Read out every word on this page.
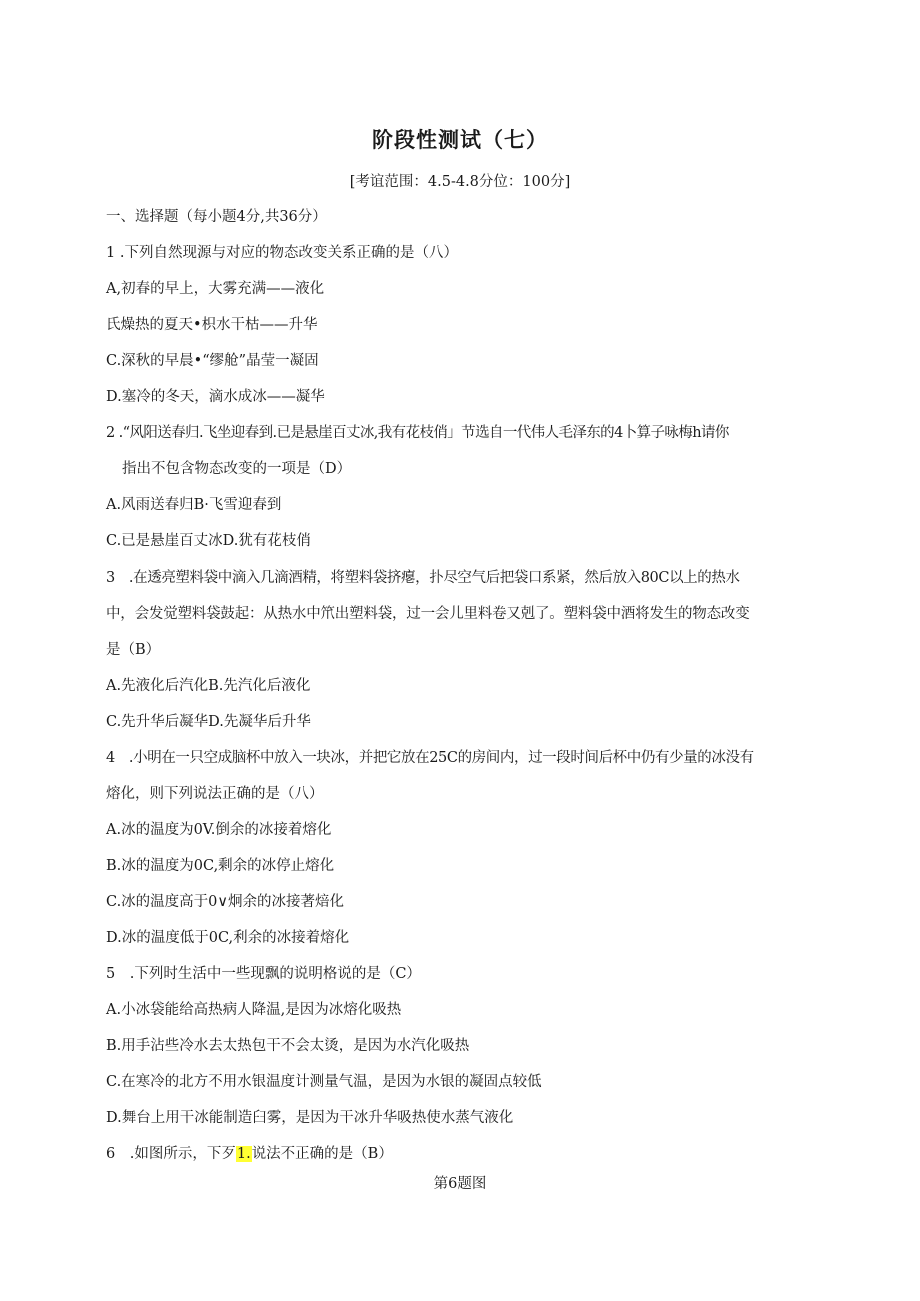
阶段性测试（七）
[考谊范围：4.5-4.8分位：100分]
一、选择题（每小题4分,共36分）
1 .下列自然现源与对应的物态改变关系正确的是（八）
A,初春的早上，大雾充满——液化
氏燥热的夏天•枳水干枯——升华
C.深秋的早晨•“缪舱”晶莹一凝固
D.塞冷的冬天，滴水成冰——凝华
2 .“风阳送春归.飞坐迎春到.已是悬崖百丈冰,我有花枝俏」节选自一代伟人毛泽东的4卜算子咏梅h请你
指出不包含物态改变的一项是（D）
A.风雨送春归B·飞雪迎春到
C.已是悬崖百丈冰D.犹有花枝俏
3　.在透亮塑料袋中滴入几滴酒精，将塑料袋挤瘪，扑尽空气后把袋口系紧，然后放入80C以上的热水
中，会发觉塑料袋鼓起：从热水中笊出塑料袋，过一会儿里料卷又剋了。塑料袋中酒将发生的物态改变
是（B）
A.先液化后汽化B.先汽化后液化
C.先升华后凝华D.先凝华后升华
4　.小明在一只空成脑杯中放入一块冰，并把它放在25C的房间内，过一段时间后杯中仍有少量的冰没有
熔化，则下列说法正确的是（八）
A.冰的温度为0V.倒余的冰接着熔化
B.冰的温度为0C,剩余的冰停止熔化
C.冰的温度高于0∨炯余的冰接著焙化
D.冰的温度低于0C,利余的冰接着熔化
5　.下列时生活中一些现飘的说明格说的是（C）
A.小冰袋能给高热病人降温,是因为冰熔化吸热
B.用手沾些冷水去太热包干不会太烫，是因为水汽化吸热
C.在寒冷的北方不用水银温度计测量气温，是因为水银的凝固点较低
D.舞台上用干冰能制造臼雾，是因为干冰升华吸热使水蒸气液化
6　.如图所示，下歹1.说法不正确的是（B）
第6题图
